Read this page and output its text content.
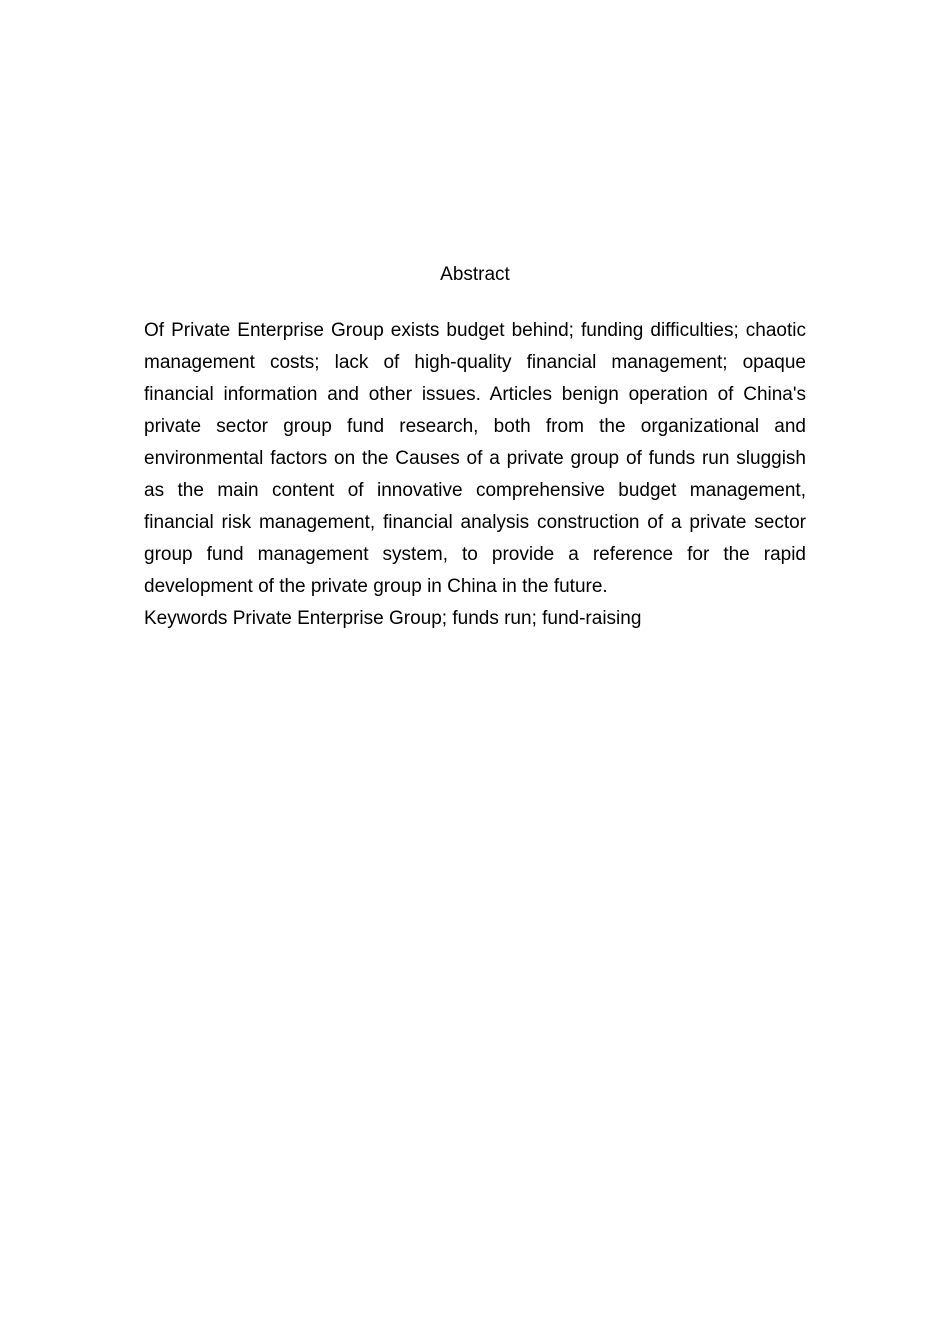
Abstract

Of Private Enterprise Group exists budget behind; funding difficulties; chaotic management costs; lack of high-quality financial management; opaque financial information and other issues. Articles benign operation of China's private sector group fund research, both from the organizational and environmental factors on the Causes of a private group of funds run sluggish as the main content of innovative comprehensive budget management, financial risk management, financial analysis construction of a private sector group fund management system, to provide a reference for the rapid development of the private group in China in the future.

Keywords Private Enterprise Group; funds run; fund-raising
